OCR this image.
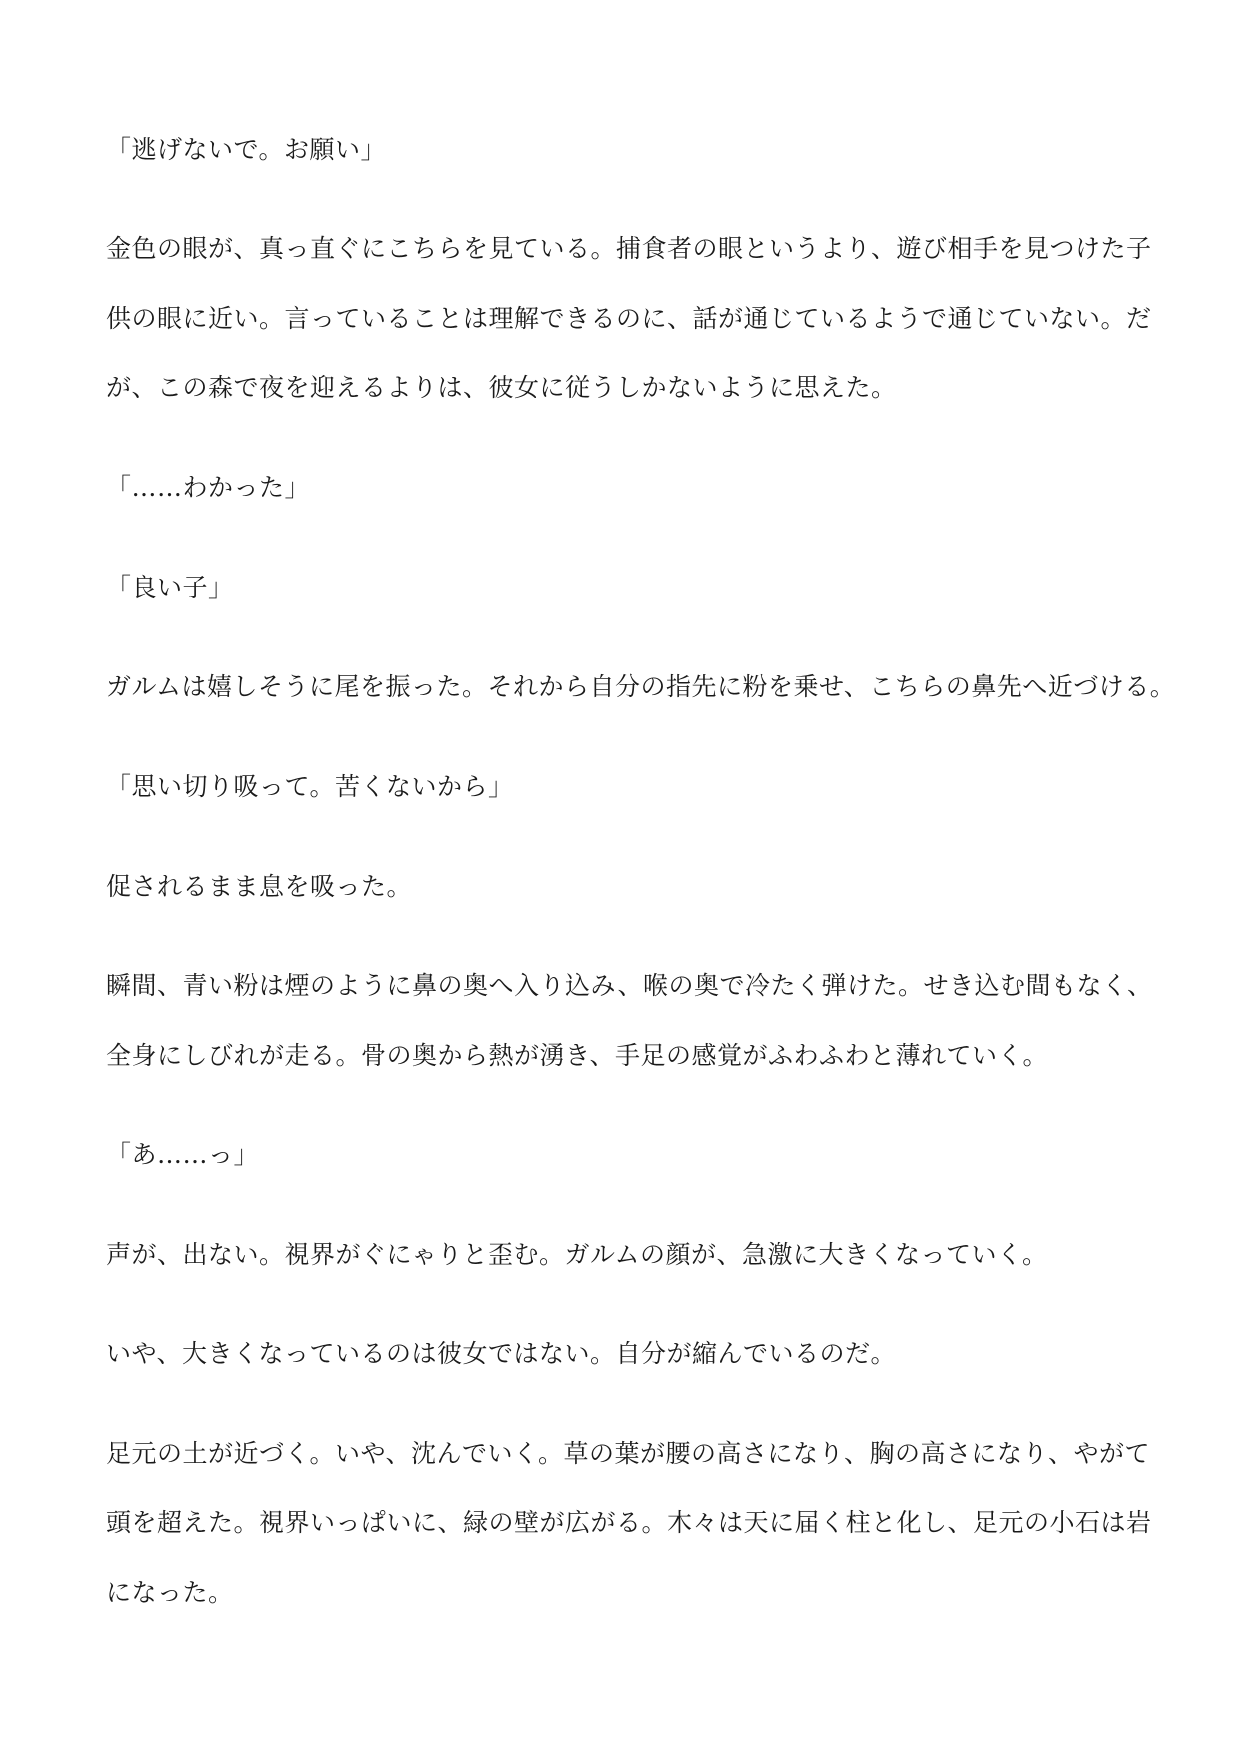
「逃げないで。お願い」

金色の眼が、真っ直ぐにこちらを見ている。捕食者の眼というより、遊び相手を見つけた子

供の眼に近い。言っていることは理解できるのに、話が通じているようで通じていない。だ

が、この森で夜を迎えるよりは、彼女に従うしかないように思えた。

「……わかった」

「良い子」

ガルムは嬉しそうに尾を振った。それから自分の指先に粉を乗せ、こちらの鼻先へ近づける。

「思い切り吸って。苦くないから」

促されるまま息を吸った。

瞬間、青い粉は煙のように鼻の奥へ入り込み、喉の奥で冷たく弾けた。せき込む間もなく、

全身にしびれが走る。骨の奥から熱が湧き、手足の感覚がふわふわと薄れていく。

「あ……っ」

声が、出ない。視界がぐにゃりと歪む。ガルムの顔が、急激に大きくなっていく。

いや、大きくなっているのは彼女ではない。自分が縮んでいるのだ。

足元の土が近づく。いや、沈んでいく。草の葉が腰の高さになり、胸の高さになり、やがて

頭を超えた。視界いっぱいに、緑の壁が広がる。木々は天に届く柱と化し、足元の小石は岩

になった。
